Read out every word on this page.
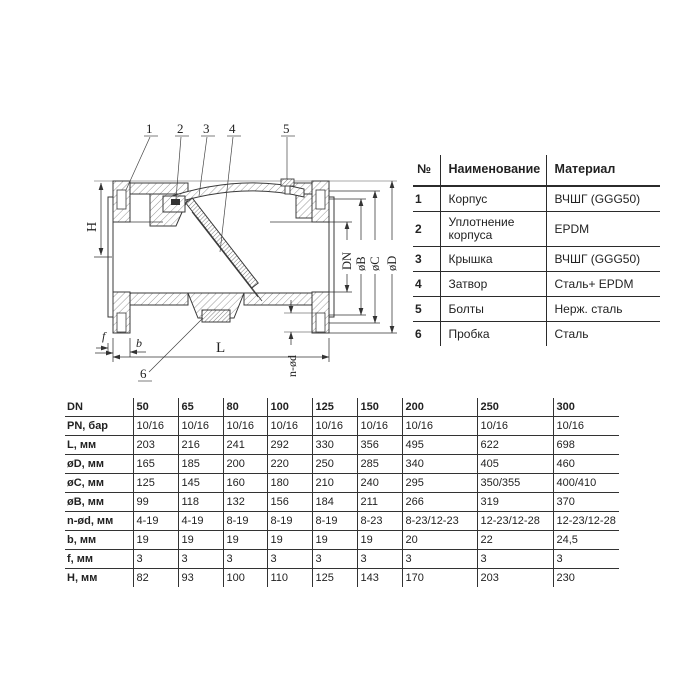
1 2 3 4	5
6
H
L
f	b
n-ød
DN øB øC øD
№	Наименование	Материал
1	Корпус	ВЧШГ (GGG50)
2	Уплотнение корпуса	EPDM
3	Крышка	ВЧШГ (GGG50)
4	Затвор	Сталь+ EPDM
5	Болты	Нерж. сталь
6	Пробка	Сталь
DN	50	65	80	100	125	150	200	250	300
PN, бар	10/16	10/16	10/16	10/16	10/16	10/16	10/16	10/16	10/16
L, мм	203	216	241	292	330	356	495	622	698
øD, мм	165	185	200	220	250	285	340	405	460
øC, мм	125	145	160	180	210	240	295	350/355	400/410
øB, мм	99	118	132	156	184	211	266	319	370
n-ød, мм	4-19	4-19	8-19	8-19	8-19	8-23	8-23/12-23	12-23/12-28	12-23/12-28
b, мм	19	19	19	19	19	19	20	22	24,5
f, мм	3	3	3	3	3	3	3	3	3
H, мм	82	93	100	110	125	143	170	203	230
